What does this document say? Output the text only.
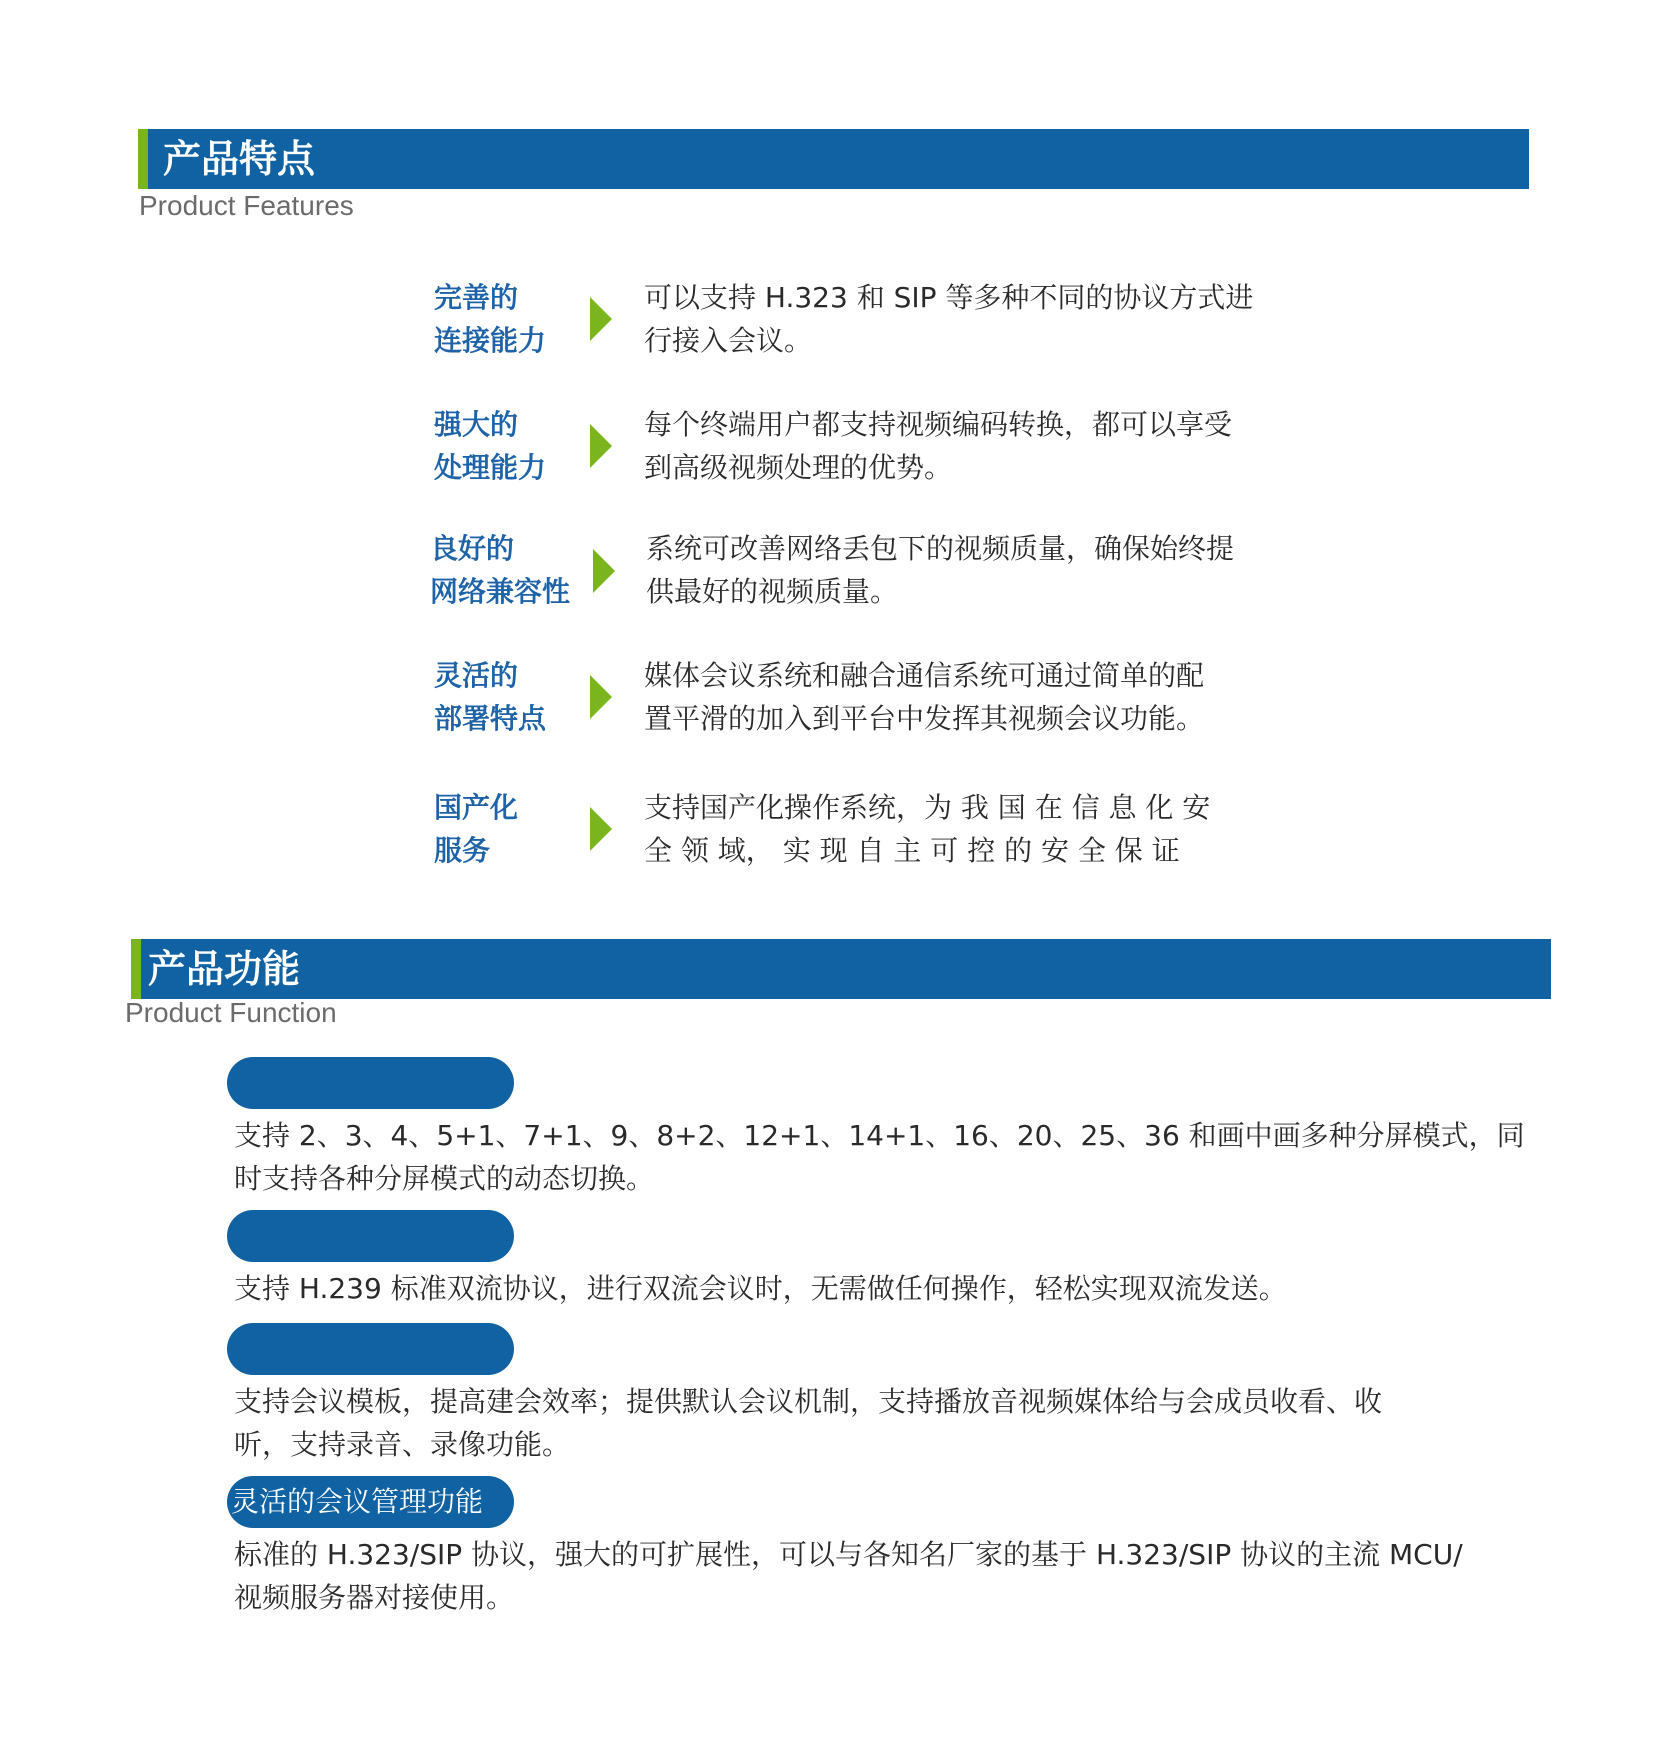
产品特点
Product Features
完善的
连接能力
可以支持 H.323 和 SIP 等多种不同的协议方式进
行接入会议。
强大的
处理能力
每个终端用户都支持视频编码转换，都可以享受
到高级视频处理的优势。
良好的
网络兼容性
系统可改善网络丢包下的视频质量，确保始终提
供最好的视频质量。
灵活的
部署特点
媒体会议系统和融合通信系统可通过简单的配
置平滑的加入到平台中发挥其视频会议功能。
国产化
服务
支持国产化操作系统，为 我 国 在 信 息 化 安
全 领 域， 实 现 自 主 可 控 的 安 全 保 证
产品功能
Product Function
支持 2、3、4、5+1、7+1、9、8+2、12+1、14+1、16、20、25、36 和画中画多种分屏模式，同
时支持各种分屏模式的动态切换。
支持 H.239 标准双流协议，进行双流会议时，无需做任何操作，轻松实现双流发送。
支持会议模板，提高建会效率；提供默认会议机制，支持播放音视频媒体给与会成员收看、收
听，支持录音、录像功能。
灵活的会议管理功能
标准的 H.323/SIP 协议，强大的可扩展性，可以与各知名厂家的基于 H.323/SIP 协议的主流 MCU/
视频服务器对接使用。
